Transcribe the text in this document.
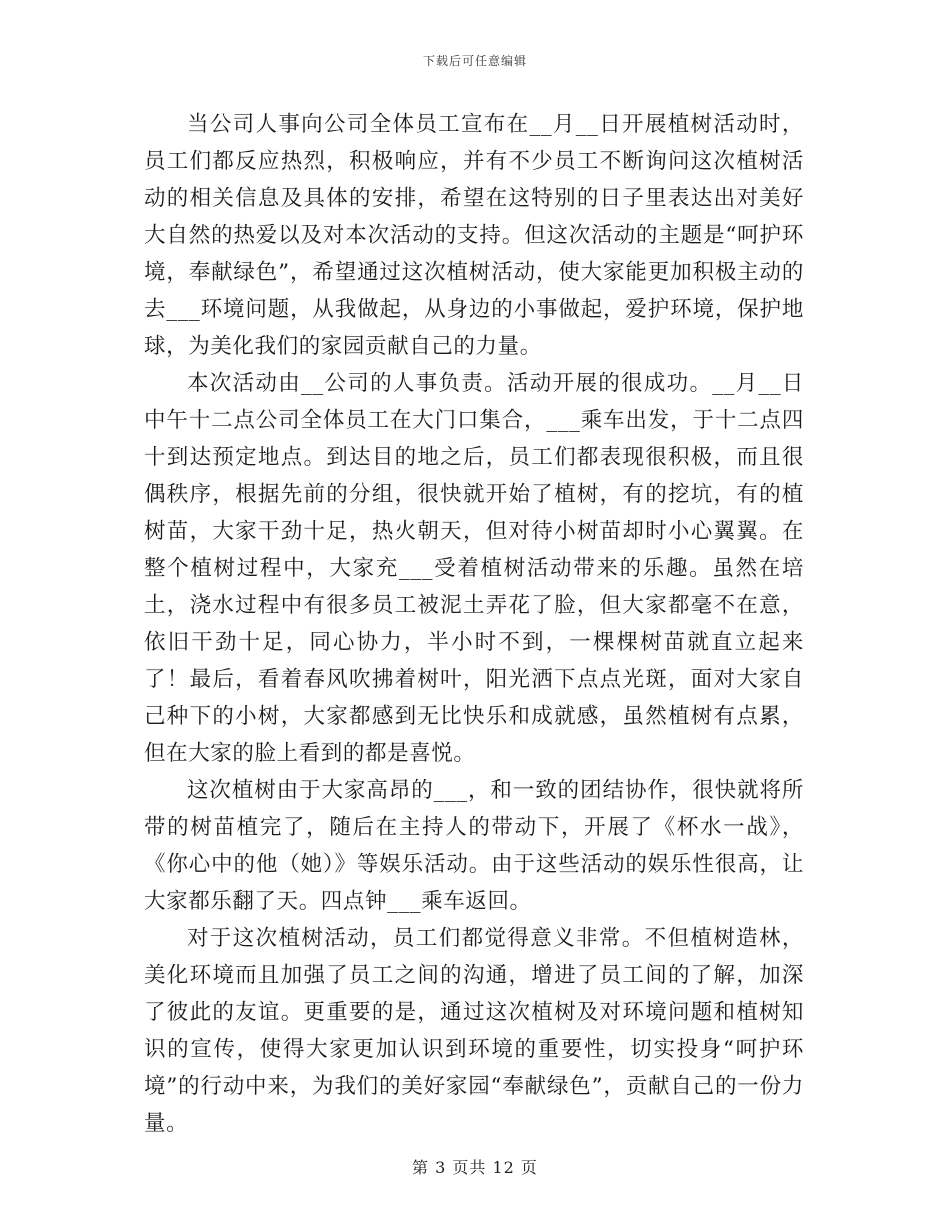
下载后可任意编辑

当公司人事向公司全体员工宣布在__月__日开展植树活动时，员工们都反应热烈，积极响应，并有不少员工不断询问这次植树活动的相关信息及具体的安排，希望在这特别的日子里表达出对美好大自然的热爱以及对本次活动的支持。但这次活动的主题是“呵护环境，奉献绿色”，希望通过这次植树活动，使大家能更加积极主动的去___环境问题，从我做起，从身边的小事做起，爱护环境，保护地球，为美化我们的家园贡献自己的力量。

本次活动由__公司的人事负责。活动开展的很成功。__月__日中午十二点公司全体员工在大门口集合，___乘车出发，于十二点四十到达预定地点。到达目的地之后，员工们都表现很积极，而且很偶秩序，根据先前的分组，很快就开始了植树，有的挖坑，有的植树苗，大家干劲十足，热火朝天，但对待小树苗却时小心翼翼。在整个植树过程中，大家充___受着植树活动带来的乐趣。虽然在培土，浇水过程中有很多员工被泥土弄花了脸，但大家都毫不在意，依旧干劲十足，同心协力，半小时不到，一棵棵树苗就直立起来了！最后，看着春风吹拂着树叶，阳光洒下点点光斑，面对大家自己种下的小树，大家都感到无比快乐和成就感，虽然植树有点累，但在大家的脸上看到的都是喜悦。

这次植树由于大家高昂的___，和一致的团结协作，很快就将所带的树苗植完了，随后在主持人的带动下，开展了《杯水一战》，《你心中的他（她）》等娱乐活动。由于这些活动的娱乐性很高，让大家都乐翻了天。四点钟___乘车返回。

对于这次植树活动，员工们都觉得意义非常。不但植树造林，美化环境而且加强了员工之间的沟通，增进了员工间的了解，加深了彼此的友谊。更重要的是，通过这次植树及对环境问题和植树知识的宣传，使得大家更加认识到环境的重要性，切实投身“呵护环境”的行动中来，为我们的美好家园“奉献绿色”，贡献自己的一份力量。

第 3 页共 12 页
